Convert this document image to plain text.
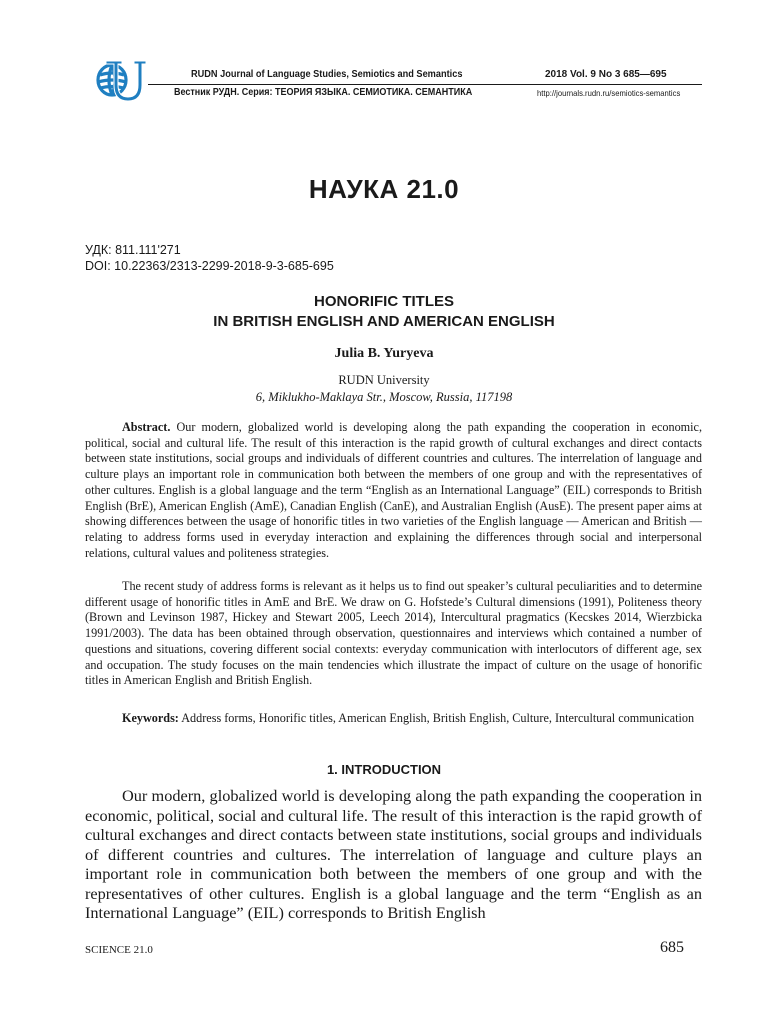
RUDN Journal of Language Studies, Semiotics and Semantics	2018 Vol. 9 No 3 685—695
Вестник РУДН. Серия: ТЕОРИЯ ЯЗЫКА. СЕМИОТИКА. СЕМАНТИКА	http://journals.rudn.ru/semiotics-semantics
НАУКА 21.0
УДК: 811.111'271
DOI: 10.22363/2313-2299-2018-9-3-685-695
HONORIFIC TITLES
IN BRITISH ENGLISH AND AMERICAN ENGLISH
Julia B. Yuryeva
RUDN University
6, Miklukho-Maklaya Str., Moscow, Russia, 117198

Abstract. Our modern, globalized world is developing along the path expanding the cooperation in economic, political, social and cultural life. The result of this interaction is the rapid growth of cultural exchanges and direct contacts between state institutions, social groups and individuals of different countries and cultures. The interrelation of language and culture plays an important role in communication both between the members of one group and with the representatives of other cultures. English is a global language and the term “English as an International Language” (EIL) corresponds to British English (BrE), American English (AmE), Canadian English (CanE), and Australian English (AusE). The present paper aims at showing differences between the usage of honorific titles in two varieties of the English language — American and British — relating to address forms used in everyday interaction and explaining the differences through social and interpersonal relations, cultural values and politeness strategies.

The recent study of address forms is relevant as it helps us to find out speaker’s cultural peculiarities and to determine different usage of honorific titles in AmE and BrE. We draw on G. Hofstede’s Cultural dimensions (1991), Politeness theory (Brown and Levinson 1987, Hickey and Stewart 2005, Leech 2014), Intercultural pragmatics (Kecskes 2014, Wierzbicka 1991/2003). The data has been obtained through observation, questionnaires and interviews which contained a number of questions and situations, covering different social contexts: everyday communication with interlocutors of different age, sex and occupation. The study focuses on the main tendencies which illustrate the impact of culture on the usage of honorific titles in American English and British English.

Keywords: Address forms, Honorific titles, American English, British English, Culture, Intercultural communication

1. INTRODUCTION

Our modern, globalized world is developing along the path expanding the cooperation in economic, political, social and cultural life. The result of this interaction is the rapid growth of cultural exchanges and direct contacts between state institutions, social groups and individuals of different countries and cultures. The interrelation of language and culture plays an important role in communication both between the members of one group and with the representatives of other cultures. English is a global language and the term “English as an International Language” (EIL) corresponds to British English

SCIENCE 21.0	685
